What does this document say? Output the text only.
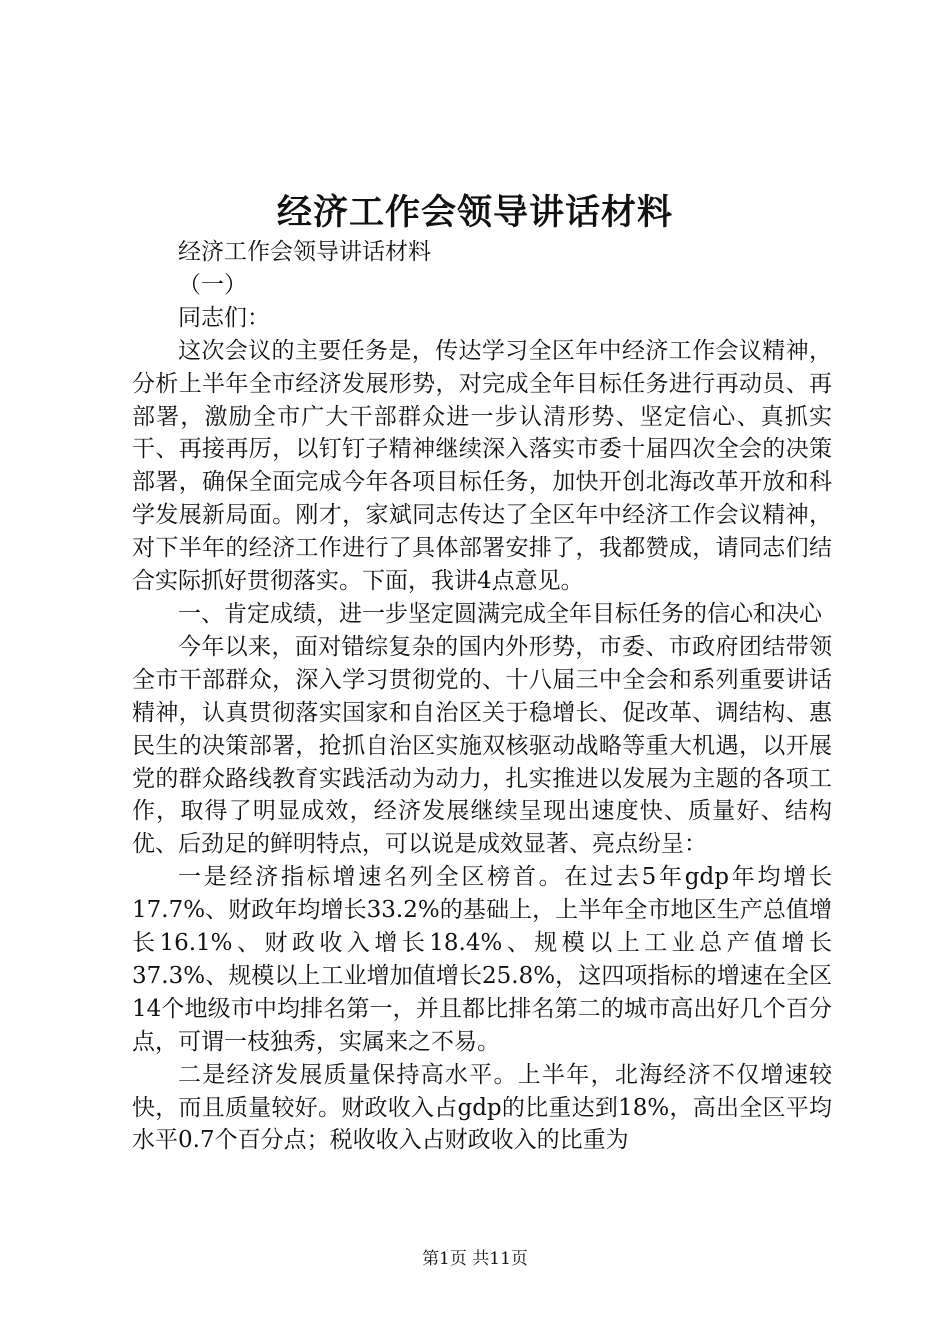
经济工作会领导讲话材料

经济工作会领导讲话材料

（一）

同志们：

这次会议的主要任务是，传达学习全区年中经济工作会议精神，分析上半年全市经济发展形势，对完成全年目标任务进行再动员、再部署，激励全市广大干部群众进一步认清形势、坚定信心、真抓实干、再接再厉，以钉钉子精神继续深入落实市委十届四次全会的决策部署，确保全面完成今年各项目标任务，加快开创北海改革开放和科学发展新局面。刚才，家斌同志传达了全区年中经济工作会议精神，对下半年的经济工作进行了具体部署安排了，我都赞成，请同志们结合实际抓好贯彻落实。下面，我讲4点意见。

一、肯定成绩，进一步坚定圆满完成全年目标任务的信心和决心

今年以来，面对错综复杂的国内外形势，市委、市政府团结带领全市干部群众，深入学习贯彻党的、十八届三中全会和系列重要讲话精神，认真贯彻落实国家和自治区关于稳增长、促改革、调结构、惠民生的决策部署，抢抓自治区实施双核驱动战略等重大机遇，以开展党的群众路线教育实践活动为动力，扎实推进以发展为主题的各项工作，取得了明显成效，经济发展继续呈现出速度快、质量好、结构优、后劲足的鲜明特点，可以说是成效显著、亮点纷呈：

一是经济指标增速名列全区榜首。在过去5年gdp年均增长17.7%、财政年均增长33.2%的基础上，上半年全市地区生产总值增长16.1%、财政收入增长18.4%、规模以上工业总产值增长37.3%、规模以上工业增加值增长25.8%，这四项指标的增速在全区14个地级市中均排名第一，并且都比排名第二的城市高出好几个百分点，可谓一枝独秀，实属来之不易。

二是经济发展质量保持高水平。上半年，北海经济不仅增速较快，而且质量较好。财政收入占gdp的比重达到18%，高出全区平均水平0.7个百分点；税收收入占财政收入的比重为

第1页 共11页
